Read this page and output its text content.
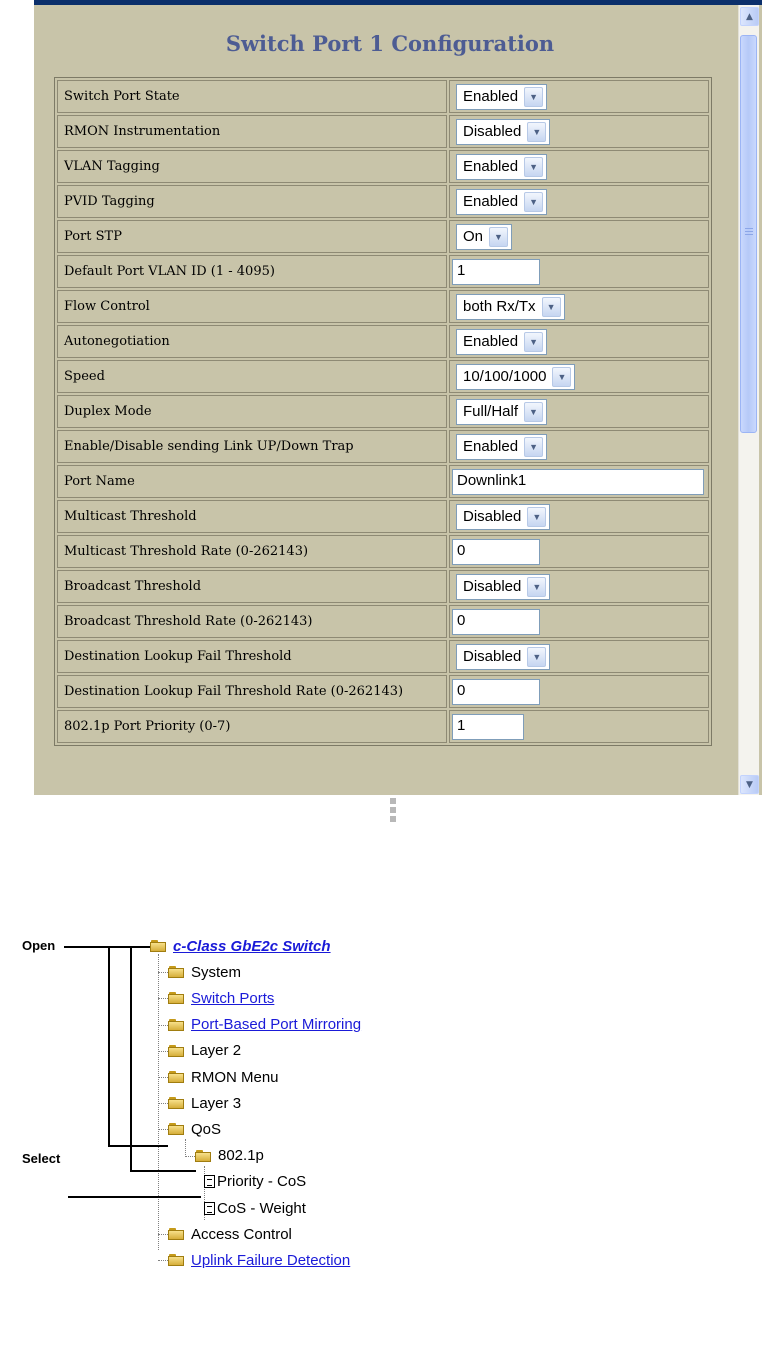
Switch Port 1 Configuration
Switch Port State	Enabled ▼

RMON Instrumentation	Disabled ▼

VLAN Tagging	Enabled ▼

PVID Tagging	Enabled ▼

Port STP	On ▼

Default Port VLAN ID (1 - 4095)	1

Flow Control	both Rx/Tx ▼

Autonegotiation	Enabled ▼

Speed	10/100/1000 ▼

Duplex Mode	Full/Half ▼

Enable/Disable sending Link UP/Down Trap	Enabled ▼

Port Name	Downlink1

Multicast Threshold	Disabled ▼

Multicast Threshold Rate (0-262143)	0

Broadcast Threshold	Disabled ▼

Broadcast Threshold Rate (0-262143)	0

Destination Lookup Fail Threshold	Disabled ▼

Destination Lookup Fail Threshold Rate (0-262143)	0

802.1p Port Priority (0-7)	1
▲
▼
Open
Select
c-Class GbE2c Switch
System
Switch Ports
Port-Based Port Mirroring
Layer 2
RMON Menu
Layer 3
QoS
802.1p
Priority - CoS
CoS - Weight
Access Control
Uplink Failure Detection
